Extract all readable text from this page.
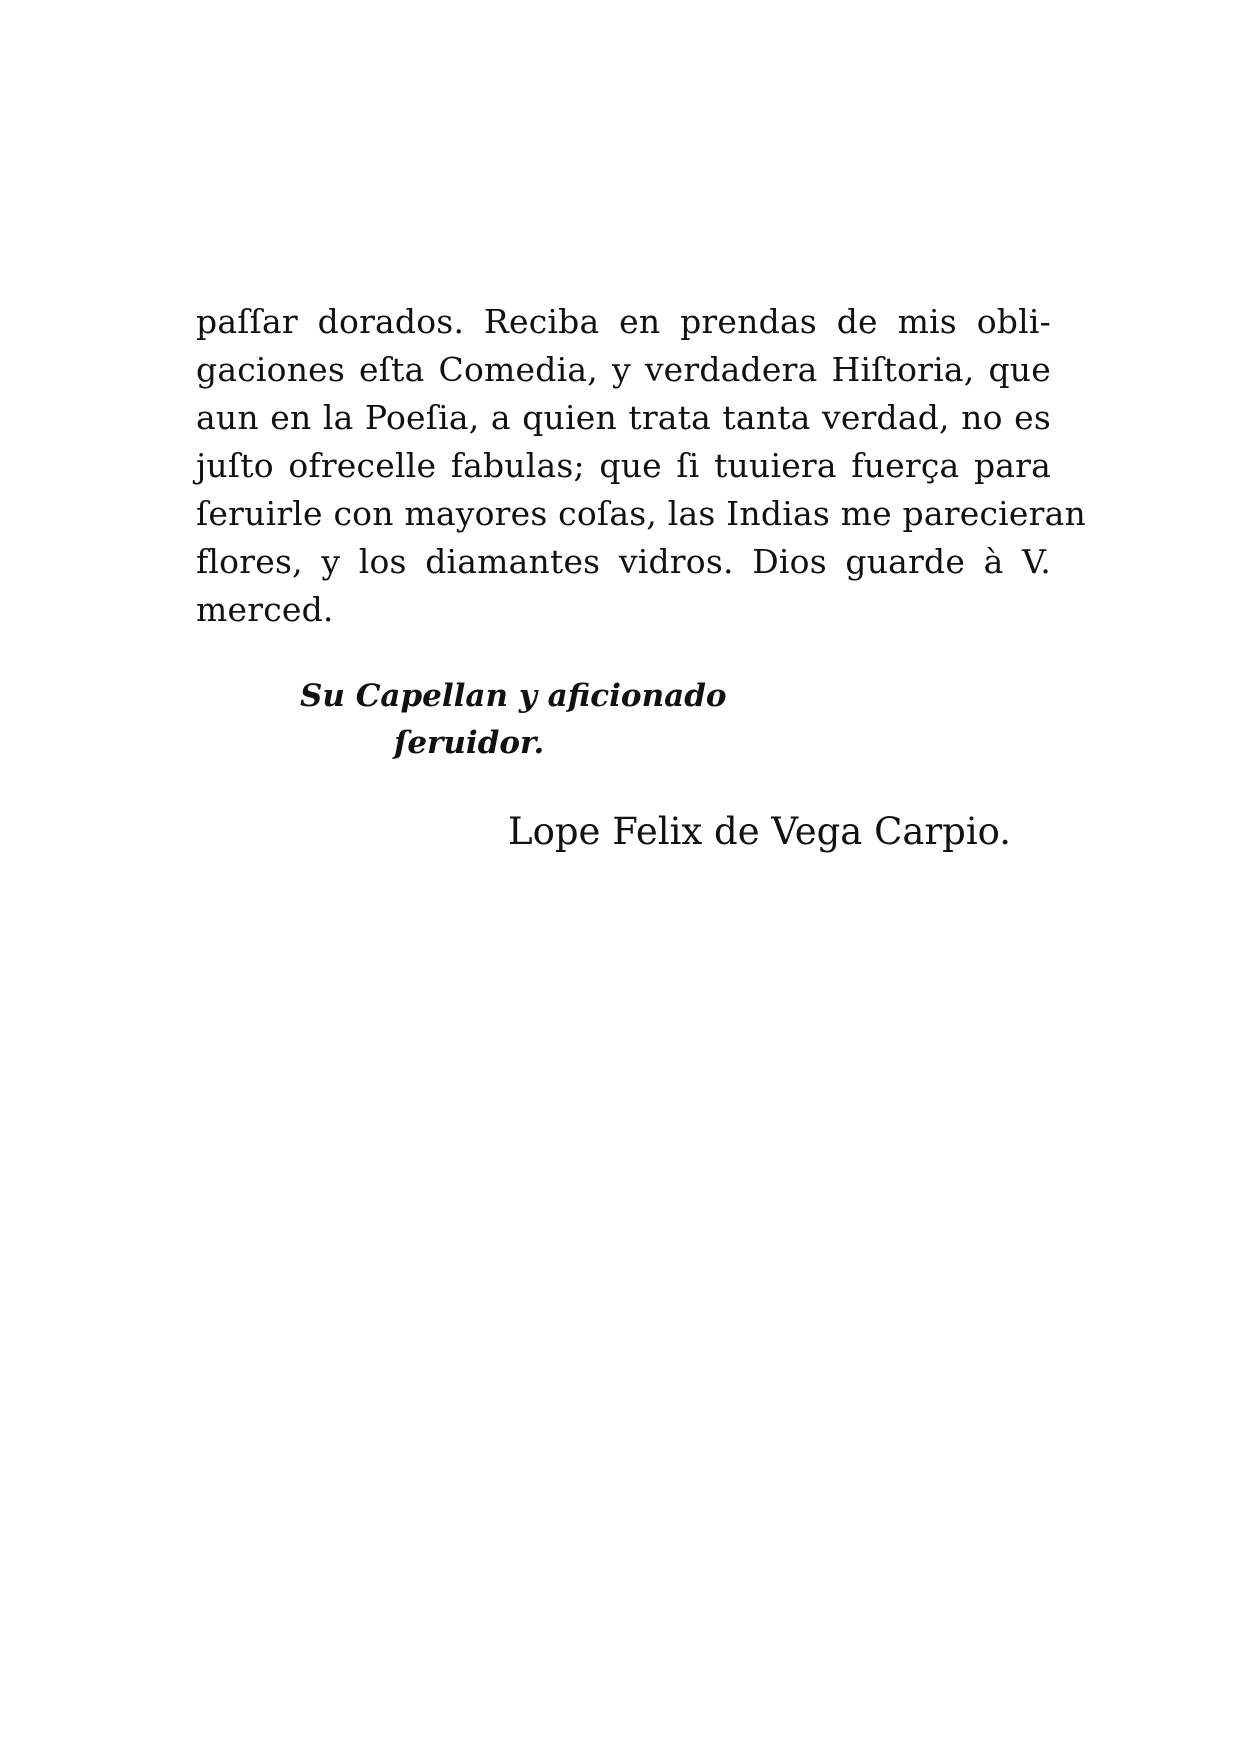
paſſar dorados. Reciba en prendas de mis obli-
gaciones eſta Comedia, y verdadera Hiſtoria, que
aun en la Poeſia, a quien trata tanta verdad, no es
juſto ofrecelle fabulas; que ſi tuuiera fuerça para
ſeruirle con mayores coſas, las Indias me parecieran
flores, y los diamantes vidros. Dios guarde à V.
merced.
Su Capellan y aficionado
ſeruidor.
Lope Felix de Vega Carpio.
